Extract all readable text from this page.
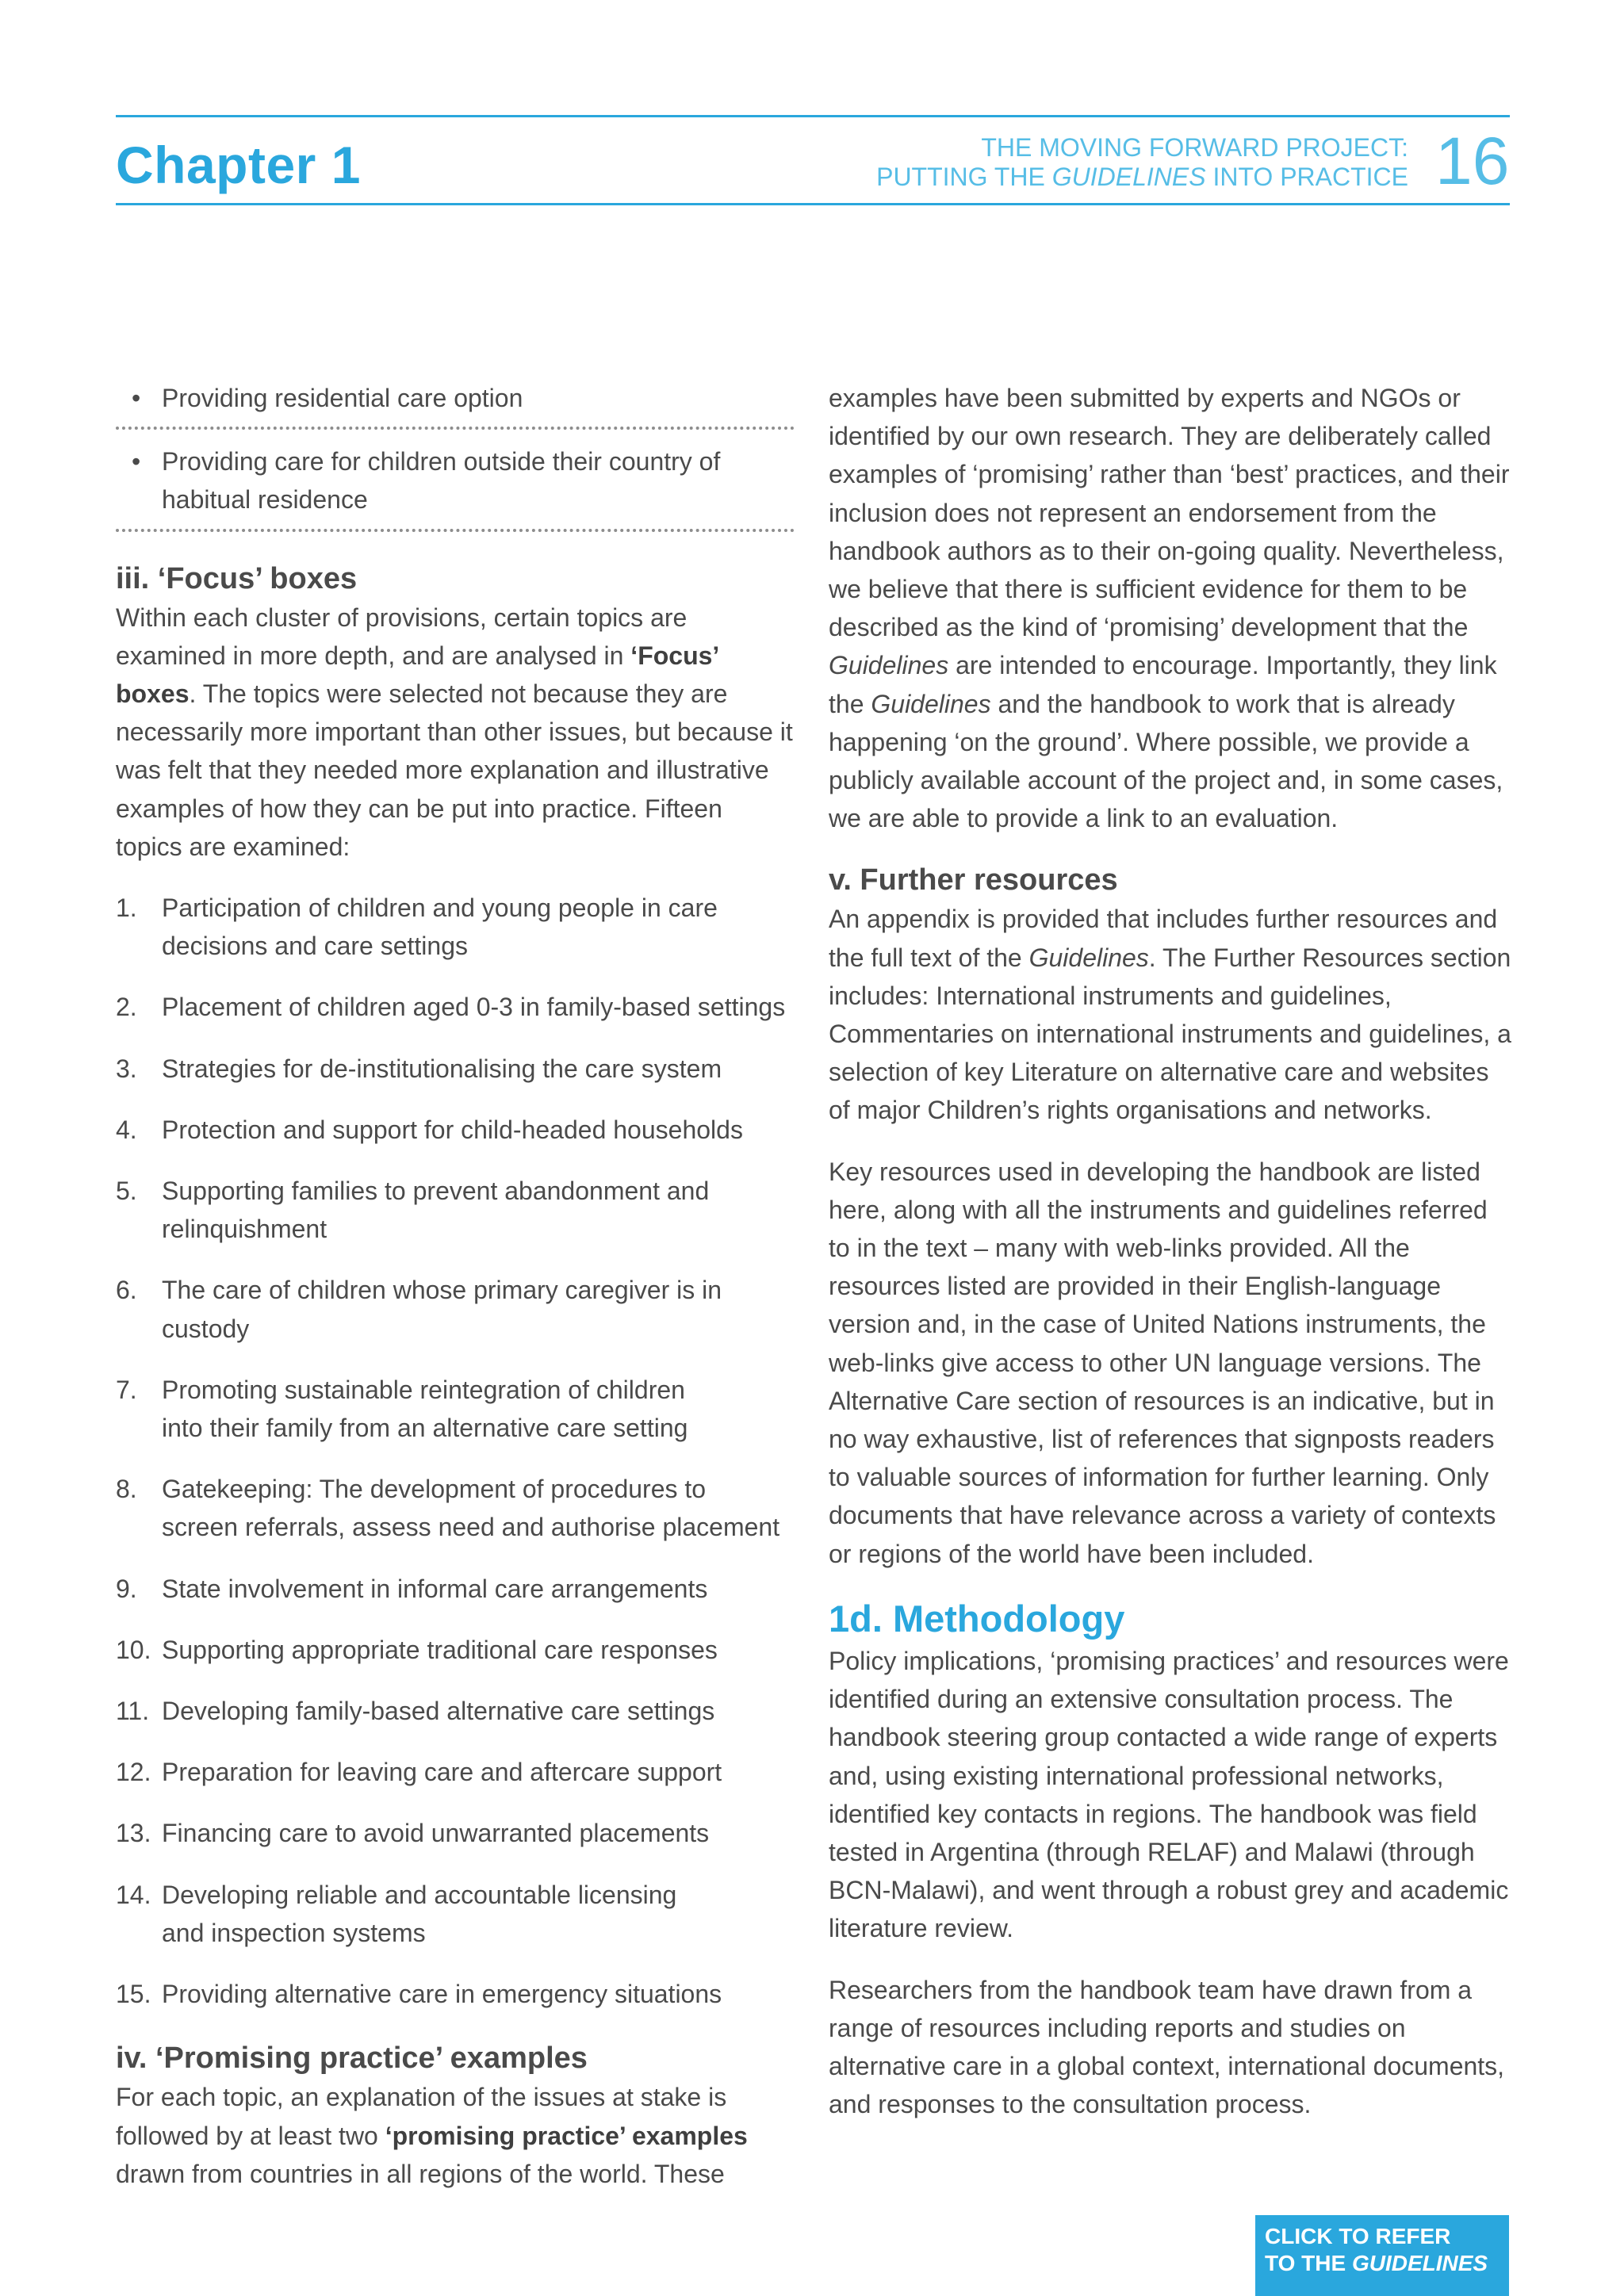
Chapter 1	THE MOVING FORWARD PROJECT:
PUTTING THE GUIDELINES INTO PRACTICE 16

• Providing residential care option

• Providing care for children outside their country of habitual residence

iii. ‘Focus’ boxes

Within each cluster of provisions, certain topics are examined in more depth, and are analysed in ‘Focus’ boxes. The topics were selected not because they are necessarily more important than other issues, but because it was felt that they needed more explanation and illustrative examples of how they can be put into practice. Fifteen topics are examined:

1. Participation of children and young people in care decisions and care settings
2. Placement of children aged 0-3 in family-based settings
3. Strategies for de-institutionalising the care system
4. Protection and support for child-headed households
5. Supporting families to prevent abandonment and relinquishment
6. The care of children whose primary caregiver is in custody
7. Promoting sustainable reintegration of children into their family from an alternative care setting
8. Gatekeeping: The development of procedures to screen referrals, assess need and authorise placement
9. State involvement in informal care arrangements
10. Supporting appropriate traditional care responses
11. Developing family-based alternative care settings
12. Preparation for leaving care and aftercare support
13. Financing care to avoid unwarranted placements
14. Developing reliable and accountable licensing and inspection systems
15. Providing alternative care in emergency situations
iv. ‘Promising practice’ examples

For each topic, an explanation of the issues at stake is followed by at least two ‘promising practice’ examples drawn from countries in all regions of the world. These

examples have been submitted by experts and NGOs or identified by our own research. They are deliberately called examples of ‘promising’ rather than ‘best’ practices, and their inclusion does not represent an endorsement from the handbook authors as to their on-going quality. Nevertheless, we believe that there is sufficient evidence for them to be described as the kind of ‘promising’ development that the Guidelines are intended to encourage. Importantly, they link the Guidelines and the handbook to work that is already happening ‘on the ground’. Where possible, we provide a publicly available account of the project and, in some cases, we are able to provide a link to an evaluation.

v. Further resources

An appendix is provided that includes further resources and the full text of the Guidelines. The Further Resources section includes: International instruments and guidelines, Commentaries on international instruments and guidelines, a selection of key Literature on alternative care and websites of major Children’s rights organisations and networks.

Key resources used in developing the handbook are listed here, along with all the instruments and guidelines referred to in the text – many with web-links provided. All the resources listed are provided in their English-language version and, in the case of United Nations instruments, the web-links give access to other UN language versions. The Alternative Care section of resources is an indicative, but in no way exhaustive, list of references that signposts readers to valuable sources of information for further learning. Only documents that have relevance across a variety of contexts or regions of the world have been included.

1d. Methodology

Policy implications, ‘promising practices’ and resources were identified during an extensive consultation process. The handbook steering group contacted a wide range of experts and, using existing international professional networks, identified key contacts in regions. The handbook was field tested in Argentina (through RELAF) and Malawi (through BCN-Malawi), and went through a robust grey and academic literature review.

Researchers from the handbook team have drawn from a range of resources including reports and studies on alternative care in a global context, international documents, and responses to the consultation process.

CLICK TO REFER
TO THE GUIDELINES
